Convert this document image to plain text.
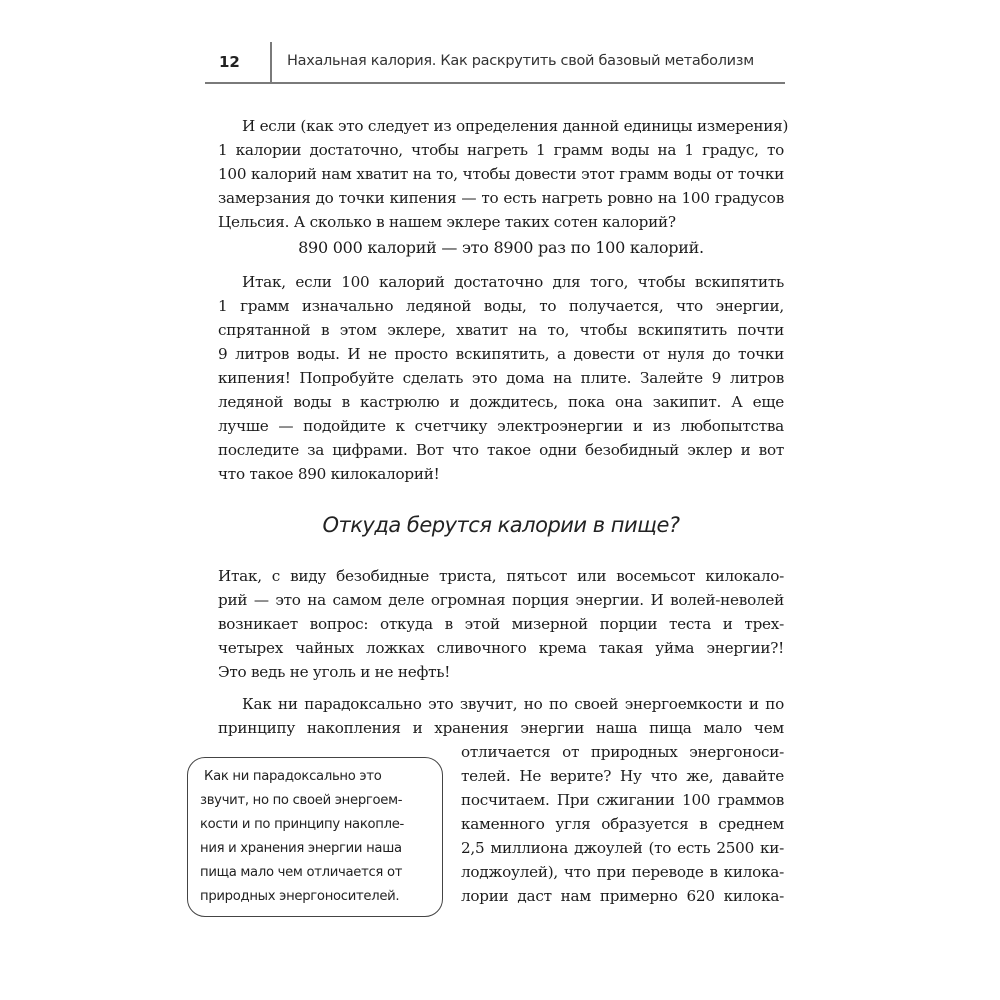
12	Нахальная калория. Как раскрутить свой базовый метаболизм
И если (как это следует из определения данной единицы измерения)
1 калории достаточно, чтобы нагреть 1 грамм воды на 1 градус, то
100 калорий нам хватит на то, чтобы довести этот грамм воды от точки
замерзания до точки кипения — то есть нагреть ровно на 100 градусов
Цельсия. А сколько в нашем эклере таких сотен калорий?
890 000 калорий — это 8900 раз по 100 калорий.
Итак, если 100 калорий достаточно для того, чтобы вскипятить
1 грамм изначально ледяной воды, то получается, что энергии,
спрятанной в этом эклере, хватит на то, чтобы вскипятить почти
9 литров воды. И не просто вскипятить, а довести от нуля до точки
кипения! Попробуйте сделать это дома на плите. Залейте 9 литров
ледяной воды в кастрюлю и дождитесь, пока она закипит. А еще
лучше — подойдите к счетчику электроэнергии и из любопытства
последите за цифрами. Вот что такое одни безобидный эклер и вот
что такое 890 килокалорий!
Итак, с виду безобидные триста, пятьсот или восемьсот килокало-
рий — это на самом деле огромная порция энергии. И волей-неволей
возникает вопрос: откуда в этой мизерной порции теста и трех-
четырех чайных ложках сливочного крема такая уйма энергии?!
Это ведь не уголь и не нефть!
Как ни парадоксально это звучит, но по своей энергоемкости и по
принципу накопления и хранения энергии наша пища мало чем
отличается от природных энергоноси-
телей. Не верите? Ну что же, давайте
посчитаем. При сжигании 100 граммов
каменного угля образуется в среднем
2,5 миллиона джоулей (то есть 2500 ки-
лоджоулей), что при переводе в килока-
лории даст нам примерно 620 килока-
Откуда берутся калории в пище?
Как ни парадоксально это
звучит, но по своей энергоем-
кости и по принципу накопле-
ния и хранения энергии наша
пища мало чем отличается от
природных энергоносителей.
